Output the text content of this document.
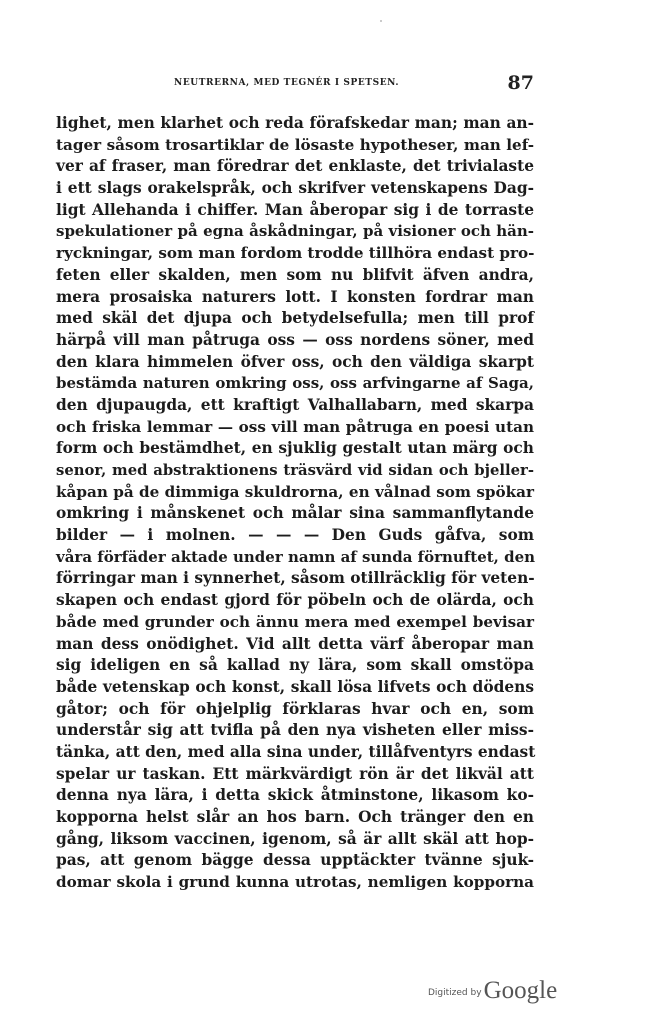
NEUTRERNA, MED TEGNÉR I SPETSEN.	87
lighet, men klarhet och reda förafskedar man; man an-
tager såsom trosartiklar de lösaste hypotheser, man lef-
ver af fraser, man föredrar det enklaste, det trivialaste
i ett slags orakelspråk, och skrifver vetenskapens Dag-
ligt Allehanda i chiffer. Man åberopar sig i de torraste
spekulationer på egna åskådningar, på visioner och hän-
ryckningar, som man fordom trodde tillhöra endast pro-
feten eller skalden, men som nu blifvit äfven andra,
mera prosaiska naturers lott. I konsten fordrar man
med skäl det djupa och betydelsefulla; men till prof
härpå vill man påtruga oss — oss nordens söner, med
den klara himmelen öfver oss, och den väldiga skarpt
bestämda naturen omkring oss, oss arfvingarne af Saga,
den djupaugda, ett kraftigt Valhallabarn, med skarpa
och friska lemmar — oss vill man påtruga en poesi utan
form och bestämdhet, en sjuklig gestalt utan märg och
senor, med abstraktionens träsvärd vid sidan och bjeller-
kåpan på de dimmiga skuldrorna, en vålnad som spökar
omkring i månskenet och målar sina sammanflytande
bilder — i molnen. — — — Den Guds gåfva, som
våra förfäder aktade under namn af sunda förnuftet, den
förringar man i synnerhet, såsom otillräcklig för veten-
skapen och endast gjord för pöbeln och de olärda, och
både med grunder och ännu mera med exempel bevisar
man dess onödighet. Vid allt detta värf åberopar man
sig ideligen en så kallad ny lära, som skall omstöpa
både vetenskap och konst, skall lösa lifvets och dödens
gåtor; och för ohjelplig förklaras hvar och en, som
understår sig att tvifla på den nya visheten eller miss-
tänka, att den, med alla sina under, tillåfventyrs endast
spelar ur taskan. Ett märkvärdigt rön är det likväl att
denna nya lära, i detta skick åtminstone, likasom ko-
kopporna helst slår an hos barn. Och tränger den en
gång, liksom vaccinen, igenom, så är allt skäl att hop-
pas, att genom bägge dessa upptäckter tvänne sjuk-
domar skola i grund kunna utrotas, nemligen kopporna
Digitized byGoogle
